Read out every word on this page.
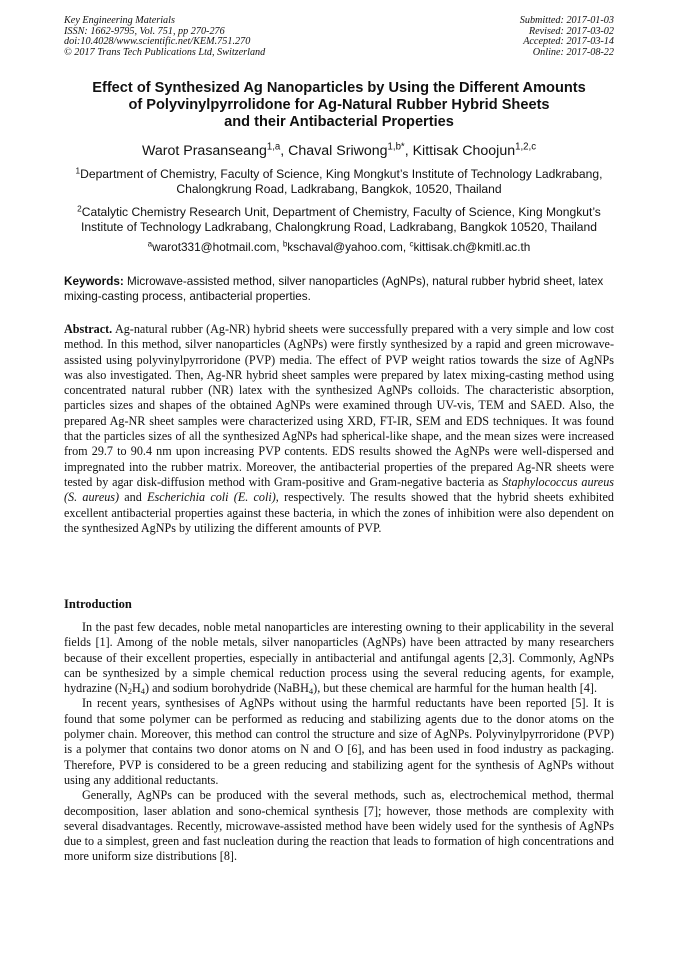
Key Engineering Materials
ISSN: 1662-9795, Vol. 751, pp 270-276
doi:10.4028/www.scientific.net/KEM.751.270
© 2017 Trans Tech Publications Ltd, Switzerland
Submitted: 2017-01-03
Revised: 2017-03-02
Accepted: 2017-03-14
Online: 2017-08-22
Effect of Synthesized Ag Nanoparticles by Using the Different Amounts
of Polyvinylpyrrolidone for Ag-Natural Rubber Hybrid Sheets
and their Antibacterial Properties
Warot Prasanseang$^{1,a}$, Chaval Sriwong$^{1,b*}$, Kittisak Choojun$^{1,2,c}$
$^1$Department of Chemistry, Faculty of Science, King Mongkut’s Institute of Technology Ladkrabang,
Chalongkrung Road, Ladkrabang, Bangkok, 10520, Thailand
$^2$Catalytic Chemistry Research Unit, Department of Chemistry, Faculty of Science, King Mongkut’s
Institute of Technology Ladkrabang, Chalongkrung Road, Ladkrabang, Bangkok 10520, Thailand
$^a$warot331@hotmail.com, $^b$kschaval@yahoo.com, $^c$kittisak.ch@kmitl.ac.th
Keywords: Microwave-assisted method, silver nanoparticles (AgNPs), natural rubber hybrid sheet, latex mixing-casting process, antibacterial properties.

Abstract. Ag-natural rubber (Ag-NR) hybrid sheets were successfully prepared with a very simple and low cost method. In this method, silver nanoparticles (AgNPs) were firstly synthesized by a rapid and green microwave-assisted using polyvinylpyrroridone (PVP) media. The effect of PVP weight ratios towards the size of AgNPs was also investigated. Then, Ag-NR hybrid sheet samples were prepared by latex mixing-casting method using concentrated natural rubber (NR) latex with the synthesized AgNPs colloids. The characteristic absorption, particles sizes and shapes of the obtained AgNPs were examined through UV-vis, TEM and SAED. Also, the prepared Ag-NR sheet samples were characterized using XRD, FT-IR, SEM and EDS techniques. It was found that the particles sizes of all the synthesized AgNPs had spherical-like shape, and the mean sizes were increased from 29.7 to 90.4 nm upon increasing PVP contents. EDS results showed the AgNPs were well-dispersed and impregnated into the rubber matrix. Moreover, the antibacterial properties of the prepared Ag-NR sheets were tested by agar disk-diffusion method with Gram-positive and Gram-negative bacteria as Staphylococcus aureus (S. aureus) and Escherichia coli (E. coli), respectively. The results showed that the hybrid sheets exhibited excellent antibacterial properties against these bacteria, in which the zones of inhibition were also dependent on the synthesized AgNPs by utilizing the different amounts of PVP.

Introduction

In the past few decades, noble metal nanoparticles are interesting owning to their applicability in the several fields [1]. Among of the noble metals, silver nanoparticles (AgNPs) have been attracted by many researchers because of their excellent properties, especially in antibacterial and antifungal agents [2,3]. Commonly, AgNPs can be synthesized by a simple chemical reduction process using the several reducing agents, for example, hydrazine $(N_2H_4)$ and sodium borohydride (NaBH$_4$), but these chemical are harmful for the human health [4].

In recent years, synthesises of AgNPs without using the harmful reductants have been reported [5]. It is found that some polymer can be performed as reducing and stabilizing agents due to the donor atoms on the polymer chain. Moreover, this method can control the structure and size of AgNPs. Polyvinylpyrroridone (PVP) is a polymer that contains two donor atoms on N and O [6], and has been used in food industry as packaging. Therefore, PVP is considered to be a green reducing and stabilizing agent for the synthesis of AgNPs without using any additional reductants.

Generally, AgNPs can be produced with the several methods, such as, electrochemical method, thermal decomposition, laser ablation and sono-chemical synthesis [7]; however, those methods are complexity with several disadvantages. Recently, microwave-assisted method have been widely used for the synthesis of AgNPs due to a simplest, green and fast nucleation during the reaction that leads to formation of high concentrations and more uniform size distributions [8].
